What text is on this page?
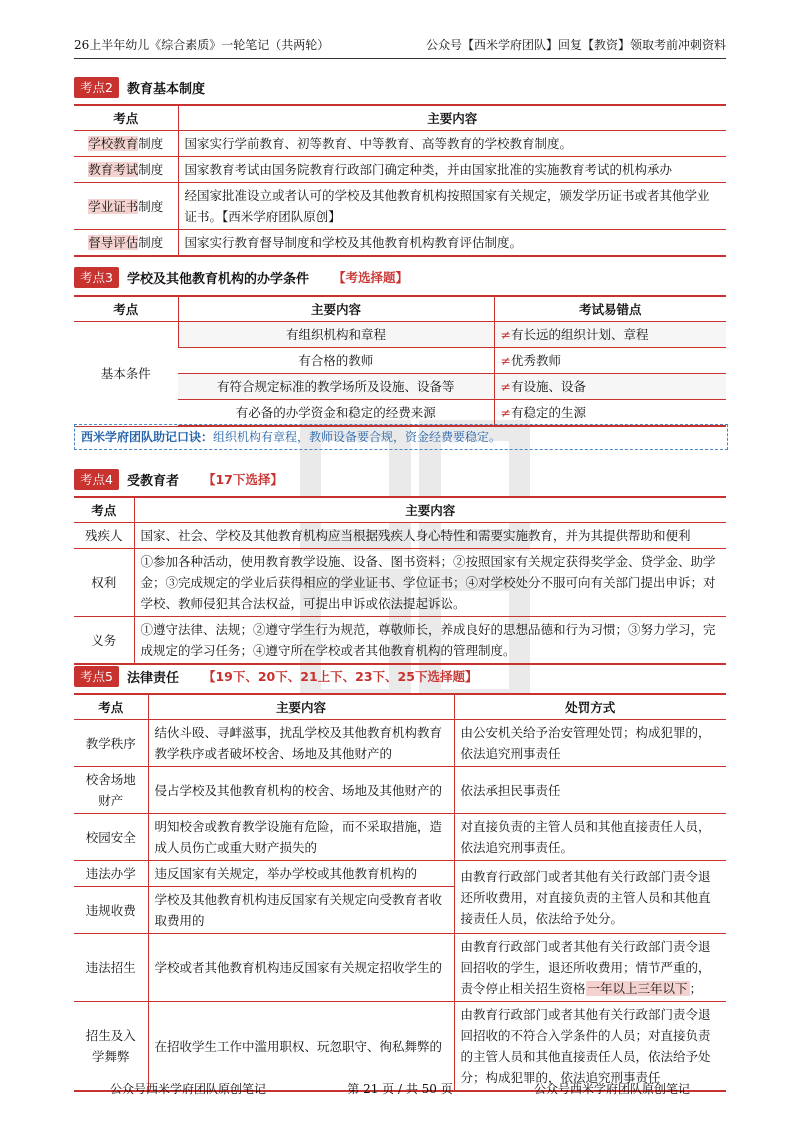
26上半年幼儿《综合素质》一轮笔记（共两轮）	公众号【西米学府团队】回复【教资】领取考前冲刺资料
考点2	教育基本制度
考点	主要内容
学校教育制度	国家实行学前教育、初等教育、中等教育、高等教育的学校教育制度。
教育考试制度	国家教育考试由国务院教育行政部门确定种类，并由国家批准的实施教育考试的机构承办
学业证书制度	经国家批准设立或者认可的学校及其他教育机构按照国家有关规定，颁发学历证书或者其他学业证书。【西米学府团队原创】
督导评估制度	国家实行教育督导制度和学校及其他教育机构教育评估制度。
考点3	学校及其他教育机构的办学条件 【考选择题】
考点	主要内容	考试易错点
基本条件	有组织机构和章程	≠有长远的组织计划、章程
	有合格的教师	≠优秀教师
	有符合规定标准的教学场所及设施、设备等	≠有设施、设备
	有必备的办学资金和稳定的经费来源	≠有稳定的生源
西米学府团队助记口诀：组织机构有章程，教师设备要合规，资金经费要稳定。
考点4	受教育者 【17下选择】
考点	主要内容
残疾人	国家、社会、学校及其他教育机构应当根据残疾人身心特性和需要实施教育，并为其提供帮助和便利
权利	①参加各种活动，使用教育教学设施、设备、图书资料；②按照国家有关规定获得奖学金、贷学金、助学金；③完成规定的学业后获得相应的学业证书、学位证书；④对学校处分不服可向有关部门提出申诉；对学校、教师侵犯其合法权益，可提出申诉或依法提起诉讼。
义务	①遵守法律、法规；②遵守学生行为规范，尊敬师长，养成良好的思想品德和行为习惯；③努力学习，完成规定的学习任务；④遵守所在学校或者其他教育机构的管理制度。
考点5	法律责任 【19下、20下、21上下、23下、25下选择题】
考点	主要内容	处罚方式
教学秩序	结伙斗殴、寻衅滋事，扰乱学校及其他教育机构教育教学秩序或者破坏校舍、场地及其他财产的	由公安机关给予治安管理处罚；构成犯罪的，依法追究刑事责任
校舍场地财产	侵占学校及其他教育机构的校舍、场地及其他财产的	依法承担民事责任
校园安全	明知校舍或教育教学设施有危险，而不采取措施，造成人员伤亡或重大财产损失的	对直接负责的主管人员和其他直接责任人员，依法追究刑事责任。
违法办学	违反国家有关规定，举办学校或其他教育机构的	由教育行政部门或者其他有关行政部门责令退还所收费用，对直接负责的主管人员和其他直接责任人员，依法给予处分。
违规收费	学校及其他教育机构违反国家有关规定向受教育者收取费用的	
违法招生	学校或者其他教育机构违反国家有关规定招收学生的	由教育行政部门或者其他有关行政部门责令退回招收的学生，退还所收费用；情节严重的，责令停止相关招生资格 一年以上三年以下 ；
招生及入学舞弊	在招收学生工作中滥用职权、玩忽职守、徇私舞弊的	由教育行政部门或者其他有关行政部门责令退回招收的不符合入学条件的人员；对直接负责的主管人员和其他直接责任人员，依法给予处分；构成犯罪的，依法追究刑事责任
公众号西米学府团队原创笔记	第 21 页 / 共 50 页	公众号西米学府团队原创笔记
